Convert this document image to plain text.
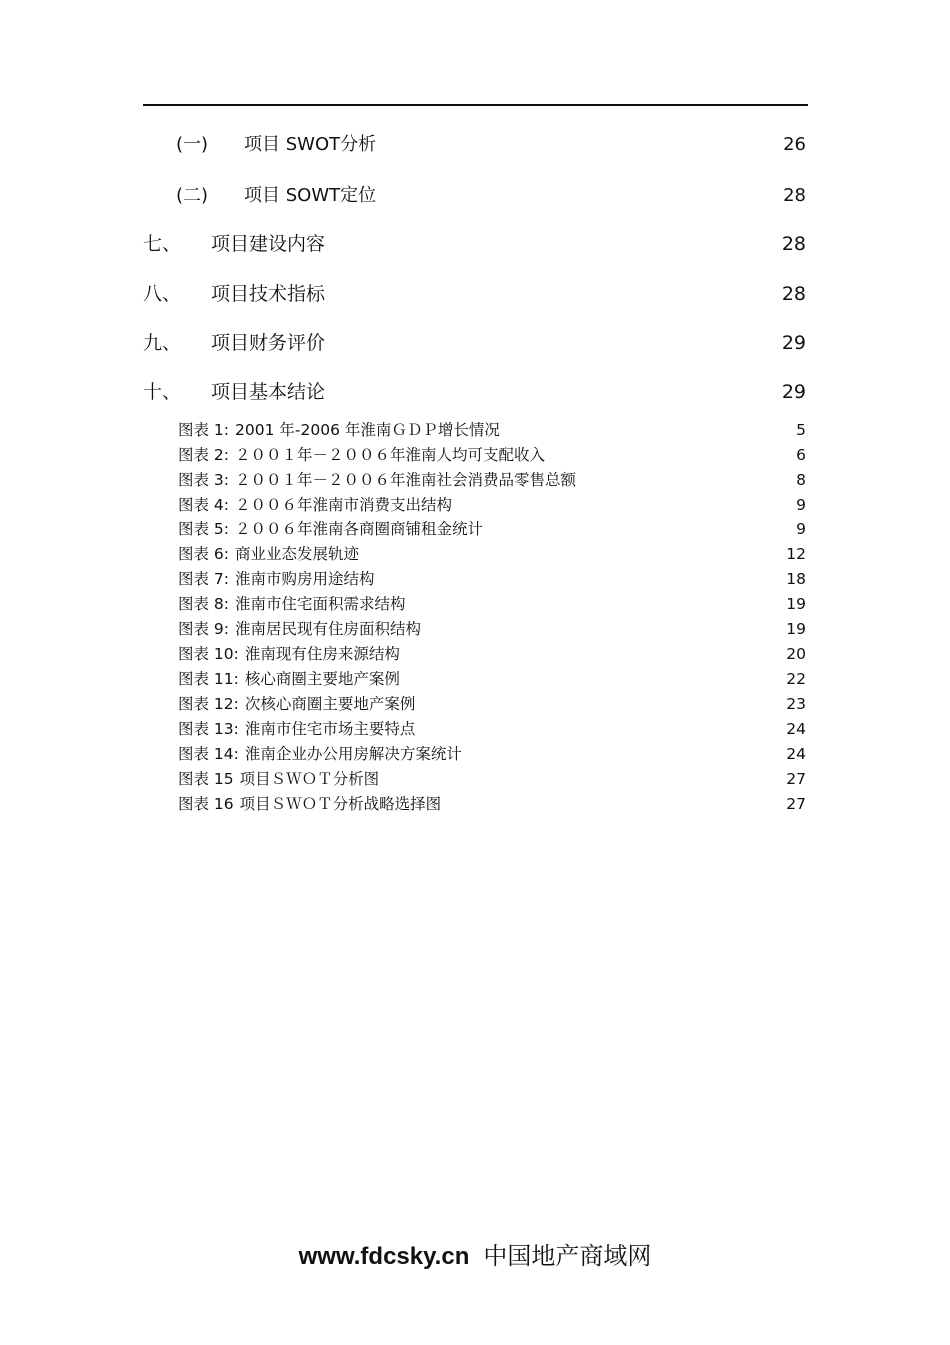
(一)	项目 SWOT分析	26
(二)	项目 SOWT定位	28
七、	项目建设内容	28
八、	项目技术指标	28
九、	项目财务评价	29
十、	项目基本结论	29
图表 1: 2001 年-2006 年淮南ＧＤＰ增长情况	5
图表 2: ２００１年－２００６年淮南人均可支配收入	6
图表 3: ２００１年－２００６年淮南社会消费品零售总额	8
图表 4: ２００６年淮南市消费支出结构	9
图表 5: ２００６年淮南各商圈商铺租金统计	9
图表 6: 商业业态发展轨迹	12
图表 7: 淮南市购房用途结构	18
图表 8: 淮南市住宅面积需求结构	19
图表 9: 淮南居民现有住房面积结构	19
图表 10: 淮南现有住房来源结构	20
图表 11: 核心商圈主要地产案例	22
图表 12: 次核心商圈主要地产案例	23
图表 13: 淮南市住宅市场主要特点	24
图表 14: 淮南企业办公用房解决方案统计	24
图表 15 项目ＳＷＯＴ分析图	27
图表 16 项目ＳＷＯＴ分析战略选择图	27
www.fdcsky.cn 中国地产商域网
